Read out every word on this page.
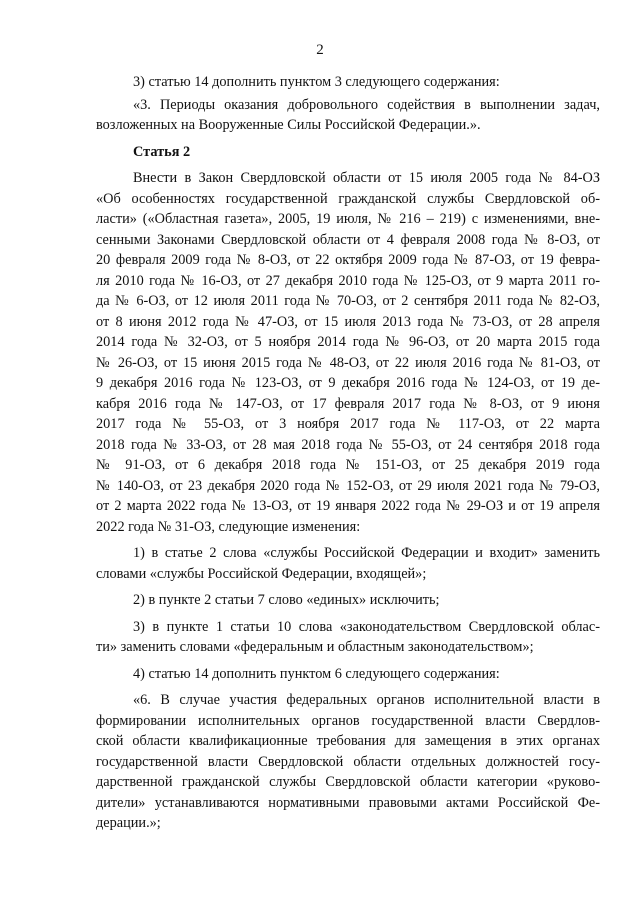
2

3) статью 14 дополнить пунктом 3 следующего содержания:

«3. Периоды оказания добровольного содействия в выполнении задач,
возложенных на Вооруженные Силы Российской Федерации.».

Статья 2

Внести в Закон Свердловской области от 15 июля 2005 года № 84-ОЗ
«Об особенностях государственной гражданской службы Свердловской об-
ласти» («Областная газета», 2005, 19 июля, № 216 – 219) с изменениями, вне-
сенными Законами Свердловской области от 4 февраля 2008 года № 8-ОЗ, от
20 февраля 2009 года № 8-ОЗ, от 22 октября 2009 года № 87-ОЗ, от 19 февра-
ля 2010 года № 16-ОЗ, от 27 декабря 2010 года № 125-ОЗ, от 9 марта 2011 го-
да № 6-ОЗ, от 12 июля 2011 года № 70-ОЗ, от 2 сентября 2011 года № 82-ОЗ,
от 8 июня 2012 года № 47-ОЗ, от 15 июля 2013 года № 73-ОЗ, от 28 апреля
2014 года № 32-ОЗ, от 5 ноября 2014 года № 96-ОЗ, от 20 марта 2015 года
№ 26-ОЗ, от 15 июня 2015 года № 48-ОЗ, от 22 июля 2016 года № 81-ОЗ, от
9 декабря 2016 года № 123-ОЗ, от 9 декабря 2016 года № 124-ОЗ, от 19 де-
кабря 2016 года № 147-ОЗ, от 17 февраля 2017 года № 8-ОЗ, от 9 июня
2017 года № 55-ОЗ, от 3 ноября 2017 года № 117-ОЗ, от 22 марта
2018 года № 33-ОЗ, от 28 мая 2018 года № 55-ОЗ, от 24 сентября 2018 года
№ 91-ОЗ, от 6 декабря 2018 года № 151-ОЗ, от 25 декабря 2019 года
№ 140-ОЗ, от 23 декабря 2020 года № 152-ОЗ, от 29 июля 2021 года № 79-ОЗ,
от 2 марта 2022 года № 13-ОЗ, от 19 января 2022 года № 29-ОЗ и от 19 апреля
2022 года № 31-ОЗ, следующие изменения:

1) в статье 2 слова «службы Российской Федерации и входит» заменить
словами «службы Российской Федерации, входящей»;

2) в пункте 2 статьи 7 слово «единых» исключить;

3) в пункте 1 статьи 10 слова «законодательством Свердловской облас-
ти» заменить словами «федеральным и областным законодательством»;

4) статью 14 дополнить пунктом 6 следующего содержания:

«6. В случае участия федеральных органов исполнительной власти в
формировании исполнительных органов государственной власти Свердлов-
ской области квалификационные требования для замещения в этих органах
государственной власти Свердловской области отдельных должностей госу-
дарственной гражданской службы Свердловской области категории «руково-
дители» устанавливаются нормативными правовыми актами Российской Фе-
дерации.»;
